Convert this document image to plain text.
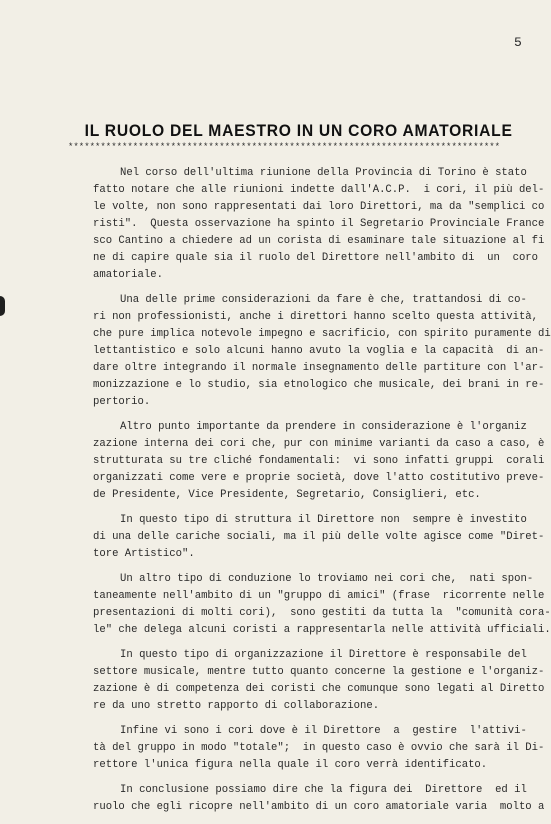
5
IL RUOLO DEL MAESTRO IN UN CORO AMATORIALE
********************************************************************************
Nel corso dell'ultima riunione della Provincia di Torino è stato
fatto notare che alle riunioni indette dall'A.C.P.  i cori, il più del-
le volte, non sono rappresentati dai loro Direttori, ma da "semplici co
risti".  Questa osservazione ha spinto il Segretario Provinciale France
sco Cantino a chiedere ad un corista di esaminare tale situazione al fi
ne di capire quale sia il ruolo del Direttore nell'ambito di  un  coro
amatoriale.
Una delle prime considerazioni da fare è che, trattandosi di co-
ri non professionisti, anche i direttori hanno scelto questa attività,
che pure implica notevole impegno e sacrificio, con spirito puramente di
lettantistico e solo alcuni hanno avuto la voglia e la capacità  di an-
dare oltre integrando il normale insegnamento delle partiture con l'ar-
monizzazione e lo studio, sia etnologico che musicale, dei brani in re-
pertorio.
Altro punto importante da prendere in considerazione è l'organiz
zazione interna dei cori che, pur con minime varianti da caso a caso, è
strutturata su tre cliché fondamentali:  vi sono infatti gruppi  corali
organizzati come vere e proprie società, dove l'atto costitutivo preve-
de Presidente, Vice Presidente, Segretario, Consiglieri, etc.
In questo tipo di struttura il Direttore non  sempre è investito
di una delle cariche sociali, ma il più delle volte agisce come "Diret-
tore Artistico".
Un altro tipo di conduzione lo troviamo nei cori che,  nati spon-
taneamente nell'ambito di un "gruppo di amici" (frase  ricorrente nelle
presentazioni di molti cori),  sono gestiti da tutta la  "comunità cora-
le" che delega alcuni coristi a rappresentarla nelle attività ufficiali.
In questo tipo di organizzazione il Direttore è responsabile del
settore musicale, mentre tutto quanto concerne la gestione e l'organiz-
zazione è di competenza dei coristi che comunque sono legati al Diretto
re da uno stretto rapporto di collaborazione.
Infine vi sono i cori dove è il Direttore  a  gestire  l'attivi-
tà del gruppo in modo "totale";  in questo caso è ovvio che sarà il Di-
rettore l'unica figura nella quale il coro verrà identificato.
In conclusione possiamo dire che la figura dei  Direttore  ed il
ruolo che egli ricopre nell'ambito di un coro amatoriale varia  molto a
